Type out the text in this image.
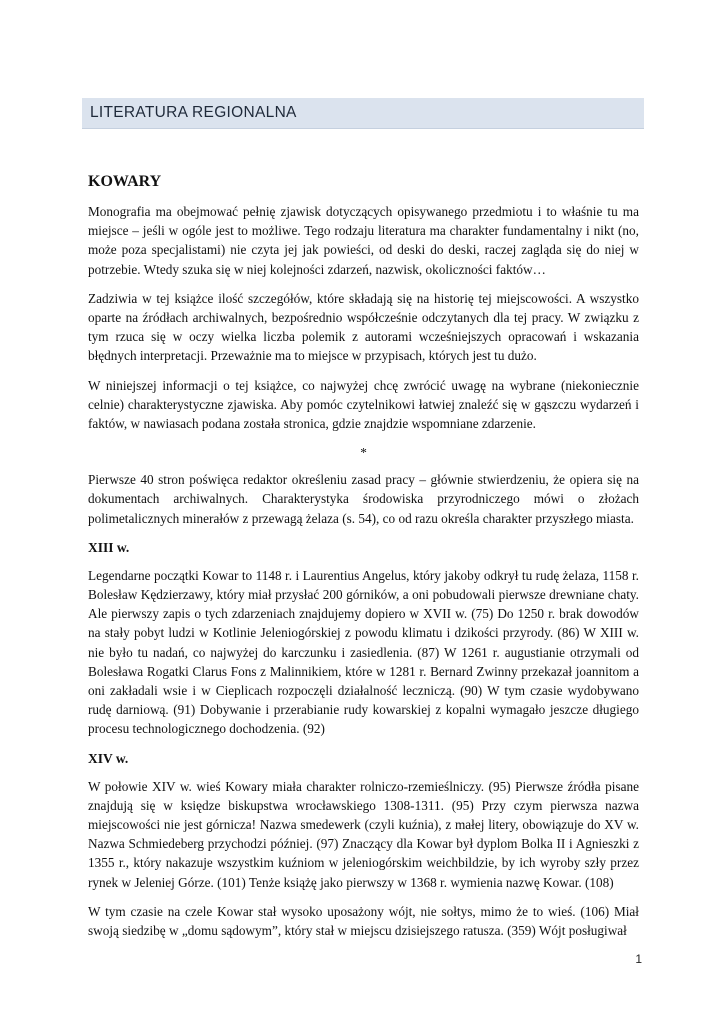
LITERATURA REGIONALNA
KOWARY

Monografia ma obejmować pełnię zjawisk dotyczących opisywanego przedmiotu i to właśnie tu ma miejsce – jeśli w ogóle jest to możliwe. Tego rodzaju literatura ma charakter fundamentalny i nikt (no, może poza specjalistami) nie czyta jej jak powieści, od deski do deski, raczej zagląda się do niej w potrzebie. Wtedy szuka się w niej kolejności zdarzeń, nazwisk, okoliczności faktów…

Zadziwia w tej książce ilość szczegółów, które składają się na historię tej miejscowości. A wszystko oparte na źródłach archiwalnych, bezpośrednio współcześnie odczytanych dla tej pracy. W związku z tym rzuca się w oczy wielka liczba polemik z autorami wcześniejszych opracowań i wskazania błędnych interpretacji. Przeważnie ma to miejsce w przypisach, których jest tu dużo.

W niniejszej informacji o tej książce, co najwyżej chcę zwrócić uwagę na wybrane (niekoniecznie celnie) charakterystyczne zjawiska. Aby pomóc czytelnikowi łatwiej znaleźć się w gąszczu wydarzeń i faktów, w nawiasach podana została stronica, gdzie znajdzie wspomniane zdarzenie.

*

Pierwsze 40 stron poświęca redaktor określeniu zasad pracy – głównie stwierdzeniu, że opiera się na dokumentach archiwalnych. Charakterystyka środowiska przyrodniczego mówi o złożach polimetalicznych minerałów z przewagą żelaza (s. 54), co od razu określa charakter przyszłego miasta.

XIII w.

Legendarne początki Kowar to 1148 r. i Laurentius Angelus, który jakoby odkrył tu rudę żelaza, 1158 r. Bolesław Kędzierzawy, który miał przysłać 200 górników, a oni pobudowali pierwsze drewniane chaty. Ale pierwszy zapis o tych zdarzeniach znajdujemy dopiero w XVII w. (75) Do 1250 r. brak dowodów na stały pobyt ludzi w Kotlinie Jeleniogórskiej z powodu klimatu i dzikości przyrody. (86) W XIII w. nie było tu nadań, co najwyżej do karczunku i zasiedlenia. (87) W 1261 r. augustianie otrzymali od Bolesława Rogatki Clarus Fons z Malinnikiem, które w 1281 r. Bernard Zwinny przekazał joannitom a oni zakładali wsie i w Cieplicach rozpoczęli działalność leczniczą. (90) W tym czasie wydobywano rudę darniową. (91) Dobywanie i przerabianie rudy kowarskiej z kopalni wymagało jeszcze długiego procesu technologicznego dochodzenia. (92)

XIV w.

W połowie XIV w. wieś Kowary miała charakter rolniczo-rzemieślniczy. (95) Pierwsze źródła pisane znajdują się w księdze biskupstwa wrocławskiego 1308-1311. (95) Przy czym pierwsza nazwa miejscowości nie jest górnicza! Nazwa smedewerk (czyli kuźnia), z małej litery, obowiązuje do XV w. Nazwa Schmiedeberg przychodzi później. (97) Znaczący dla Kowar był dyplom Bolka II i Agnieszki z 1355 r., który nakazuje wszystkim kuźniom w jeleniogórskim weichbildzie, by ich wyroby szły przez rynek w Jeleniej Górze. (101) Tenże książę jako pierwszy w 1368 r. wymienia nazwę Kowar. (108)

W tym czasie na czele Kowar stał wysoko uposażony wójt, nie sołtys, mimo że to wieś. (106) Miał swoją siedzibę w „domu sądowym”, który stał w miejscu dzisiejszego ratusza. (359) Wójt posługiwał

1
